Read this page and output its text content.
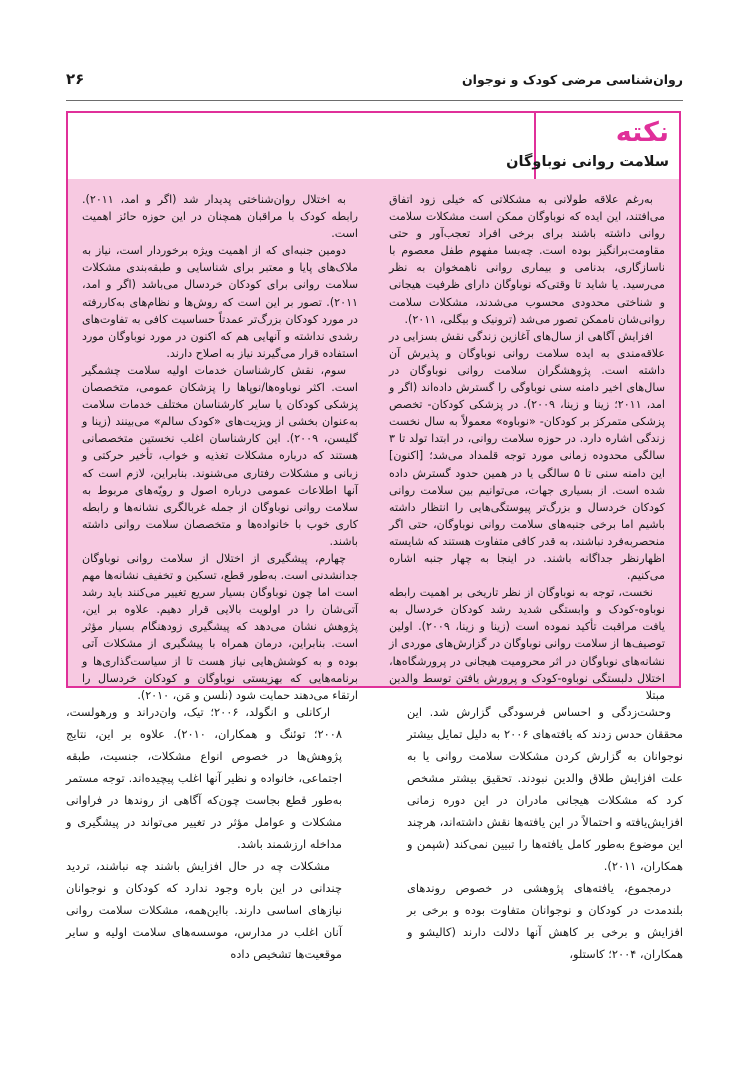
۲۶	روان‌شناسی مرضی کودک و نوجوان
نکته
سلامت روانی نوباوگان

به‌رغم علاقه طولانی به مشکلاتی که خیلی زود اتفاق می‌افتند، این ایده که نوباوگان ممکن است مشکلات سلامت روانی داشته باشند برای برخی افراد تعجب‌آور و حتی مقاومت‌برانگیز بوده است. چه‌بسا مفهوم طفل معصوم با ناسازگاری، بدنامی و بیماری روانی ناهمخوان به نظر می‌رسید. یا شاید تا وقتی‌که نوباوگان دارای ظرفیت هیجانی و شناختی محدودی محسوب می‌شدند، مشکلات سلامت روانی‌شان ناممکن تصور می‌شد (ترونیک و بیگلی، ۲۰۱۱).

افزایش آگاهی از سال‌های آغازین زندگی نقش بسزایی در علاقه‌مندی به ایده سلامت روانی نوباوگان و پذیرش آن داشته است. پژوهشگران سلامت روانی نوباوگان در سال‌های اخیر دامنه سنی نوباوگی را گسترش داده‌اند (اگر و امد، ۲۰۱۱؛ زینا و زینا، ۲۰۰۹). در پزشکی کودکان- تخصص پزشکی متمرکز بر کودکان- «نوباوه» معمولاً به سال نخست زندگی اشاره دارد. در حوزه سلامت روانی، در ابتدا تولد تا ۳ سالگی محدوده زمانی مورد توجه قلمداد می‌شد؛ [اکنون] این دامنه سنی تا ۵ سالگی یا در همین حدود گسترش داده شده است. از بسیاری جهات، می‌توانیم بین سلامت روانی کودکان خردسال و بزرگ‌تر پیوستگی‌هایی را انتظار داشته باشیم اما برخی جنبه‌های سلامت روانی نوباوگان، حتی اگر منحصربه‌فرد نباشند، به قدر کافی متفاوت هستند که شایسته اظهارنظر جداگانه باشند. در اینجا به چهار جنبه اشاره می‌کنیم.

نخست، توجه به نوباوگان از نظر تاریخی بر اهمیت رابطه نوباوه-کودک و وابستگی شدید رشد کودکان خردسال به یافت مراقبت تأکید نموده است (زینا و زینا، ۲۰۰۹). اولین توصیف‌ها از سلامت روانی نوباوگان در گزارش‌های موردی از نشانه‌های نوباوگان در اثر محرومیت هیجانی در پرورشگاه‌ها، اختلال دلبستگی نوباوه-کودک و پرورش یافتن توسط والدین مبتلا

به اختلال روان‌شناختی پدیدار شد (اگر و امد، ۲۰۱۱). رابطه کودک با مراقبان همچنان در این حوزه حائز اهمیت است.

دومین جنبه‌ای که از اهمیت ویژه برخوردار است، نیاز به ملاک‌های پایا و معتبر برای شناسایی و طبقه‌بندی مشکلات سلامت روانی برای کودکان خردسال می‌باشد (اگر و امد، ۲۰۱۱). تصور بر این است که روش‌ها و نظام‌های به‌کاررفته در مورد کودکان بزرگ‌تر عمدتاً حساسیت کافی به تفاوت‌های رشدی نداشته و آنهایی هم که اکنون در مورد نوباوگان مورد استفاده قرار می‌گیرند نیاز به اصلاح دارند.

سوم، نقش کارشناسان خدمات اولیه سلامت چشمگیر است. اکثر نوباوه‌ها/نوپاها را پزشکان عمومی، متخصصان پزشکی کودکان یا سایر کارشناسان مختلف خدمات سلامت به‌عنوان بخشی از ویزیت‌های «کودک سالم» می‌بینند (زینا و گلیسن، ۲۰۰۹). این کارشناسان اغلب نخستین متخصصانی هستند که درباره مشکلات تغذیه و خواب، تأخیر حرکتی و زبانی و مشکلات رفتاری می‌شنوند. بنابراین، لازم است که آنها اطلاعات عمومی درباره اصول و رویّه‌های مربوط به سلامت روانی نوباوگان از جمله غربالگری نشانه‌ها و رابطه کاری خوب با خانواده‌ها و متخصصان سلامت روانی داشته باشند.

چهارم، پیشگیری از اختلال از سلامت روانی نوباوگان جدانشدنی است. به‌طور قطع، تسکین و تخفیف نشانه‌ها مهم است اما چون نوباوگان بسیار سریع تغییر می‌کنند باید رشد آتی‌شان را در اولویت بالایی قرار دهیم. علاوه بر این، پژوهش نشان می‌دهد که پیشگیری زودهنگام بسیار مؤثر است. بنابراین، درمان همراه با پیشگیری از مشکلات آتی بوده و به کوشش‌هایی نیاز هست تا از سیاست‌گذاری‌ها و برنامه‌هایی که بهزیستی نوباوگان و کودکان خردسال را ارتقاء می‌دهند حمایت شود (نلسن و مَن، ۲۰۱۰).

وحشت‌زدگی و احساس فرسودگی گزارش شد. این محققان حدس زدند که یافته‌های ۲۰۰۶ به دلیل تمایل بیشتر نوجوانان به گزارش کردن مشکلات سلامت روانی یا به علت افزایش طلاق والدین نبودند. تحقیق بیشتر مشخص کرد که مشکلات هیجانی مادران در این دوره زمانی افزایش‌یافته و احتمالاً در این یافته‌ها نقش داشته‌اند، هرچند این موضوع به‌طور کامل یافته‌ها را تبیین نمی‌کند (شپمن و همکاران، ۲۰۱۱).

درمجموع، یافته‌های پژوهشی در خصوص روندهای بلندمدت در کودکان و نوجوانان متفاوت بوده و برخی بر افزایش و برخی بر کاهش آنها دلالت دارند (کالیشو و همکاران، ۲۰۰۴؛ کاستلو،

ارکانلی و انگولد، ۲۰۰۶؛ تیک، وان‌دراند و ورهولست، ۲۰۰۸؛ توئنگ و همکاران، ۲۰۱۰). علاوه بر این، نتایج پژوهش‌ها در خصوص انواع مشکلات، جنسیت، طبقه اجتماعی، خانواده و نظیر آنها اغلب پیچیده‌اند. توجه مستمر به‌طور قطع بجاست چون‌که آگاهی از روندها در فراوانی مشکلات و عوامل مؤثر در تغییر می‌تواند در پیشگیری و مداخله ارزشمند باشد.

مشکلات چه در حال افزایش باشند چه نباشند، تردید چندانی در این باره وجود ندارد که کودکان و نوجوانان نیازهای اساسی دارند. بااین‌همه، مشکلات سلامت روانی آنان اغلب در مدارس، موسسه‌های سلامت اولیه و سایر موقعیت‌ها تشخیص داده
